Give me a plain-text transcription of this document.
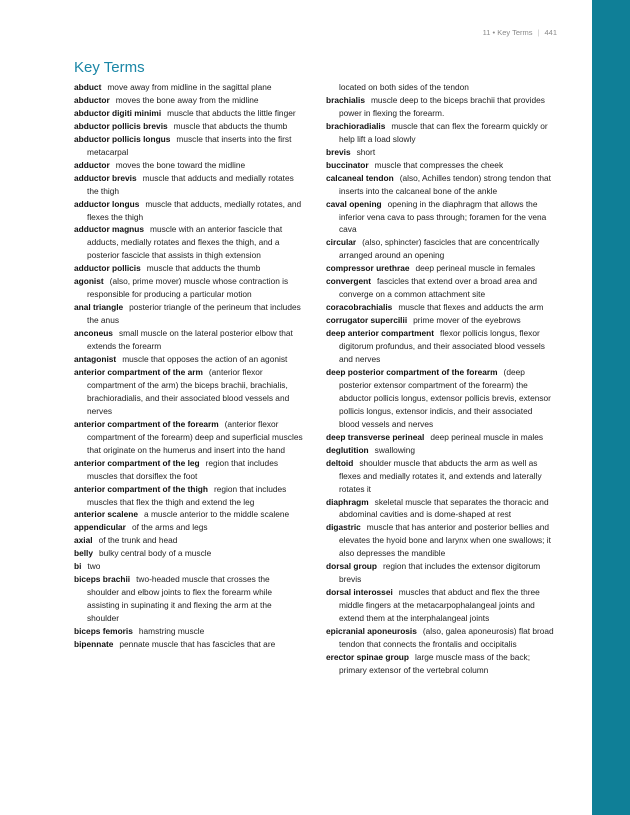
11 • Key Terms | 441
Key Terms

abduct move away from midline in the sagittal plane

abductor moves the bone away from the midline

abductor digiti minimi muscle that abducts the little finger

abductor pollicis brevis muscle that abducts the thumb

abductor pollicis longus muscle that inserts into the first metacarpal

adductor moves the bone toward the midline

adductor brevis muscle that adducts and medially rotates the thigh

adductor longus muscle that adducts, medially rotates, and flexes the thigh

adductor magnus muscle with an anterior fascicle that adducts, medially rotates and flexes the thigh, and a posterior fascicle that assists in thigh extension

adductor pollicis muscle that adducts the thumb

agonist (also, prime mover) muscle whose contraction is responsible for producing a particular motion

anal triangle posterior triangle of the perineum that includes the anus

anconeus small muscle on the lateral posterior elbow that extends the forearm

antagonist muscle that opposes the action of an agonist

anterior compartment of the arm (anterior flexor compartment of the arm) the biceps brachii, brachialis, brachioradialis, and their associated blood vessels and nerves

anterior compartment of the forearm (anterior flexor compartment of the forearm) deep and superficial muscles that originate on the humerus and insert into the hand

anterior compartment of the leg region that includes muscles that dorsiflex the foot

anterior compartment of the thigh region that includes muscles that flex the thigh and extend the leg

anterior scalene a muscle anterior to the middle scalene

appendicular of the arms and legs

axial of the trunk and head

belly bulky central body of a muscle

bi two

biceps brachii two-headed muscle that crosses the shoulder and elbow joints to flex the forearm while assisting in supinating it and flexing the arm at the shoulder

biceps femoris hamstring muscle

bipennate pennate muscle that has fascicles that are

located on both sides of the tendon

brachialis muscle deep to the biceps brachii that provides power in flexing the forearm.

brachioradialis muscle that can flex the forearm quickly or help lift a load slowly

brevis short

buccinator muscle that compresses the cheek

calcaneal tendon (also, Achilles tendon) strong tendon that inserts into the calcaneal bone of the ankle

caval opening opening in the diaphragm that allows the inferior vena cava to pass through; foramen for the vena cava

circular (also, sphincter) fascicles that are concentrically arranged around an opening

compressor urethrae deep perineal muscle in females

convergent fascicles that extend over a broad area and converge on a common attachment site

coracobrachialis muscle that flexes and adducts the arm

corrugator supercilii prime mover of the eyebrows

deep anterior compartment flexor pollicis longus, flexor digitorum profundus, and their associated blood vessels and nerves

deep posterior compartment of the forearm (deep posterior extensor compartment of the forearm) the abductor pollicis longus, extensor pollicis brevis, extensor pollicis longus, extensor indicis, and their associated blood vessels and nerves

deep transverse perineal deep perineal muscle in males

deglutition swallowing

deltoid shoulder muscle that abducts the arm as well as flexes and medially rotates it, and extends and laterally rotates it

diaphragm skeletal muscle that separates the thoracic and abdominal cavities and is dome-shaped at rest

digastric muscle that has anterior and posterior bellies and elevates the hyoid bone and larynx when one swallows; it also depresses the mandible

dorsal group region that includes the extensor digitorum brevis

dorsal interossei muscles that abduct and flex the three middle fingers at the metacarpophalangeal joints and extend them at the interphalangeal joints

epicranial aponeurosis (also, galea aponeurosis) flat broad tendon that connects the frontalis and occipitalis

erector spinae group large muscle mass of the back; primary extensor of the vertebral column
